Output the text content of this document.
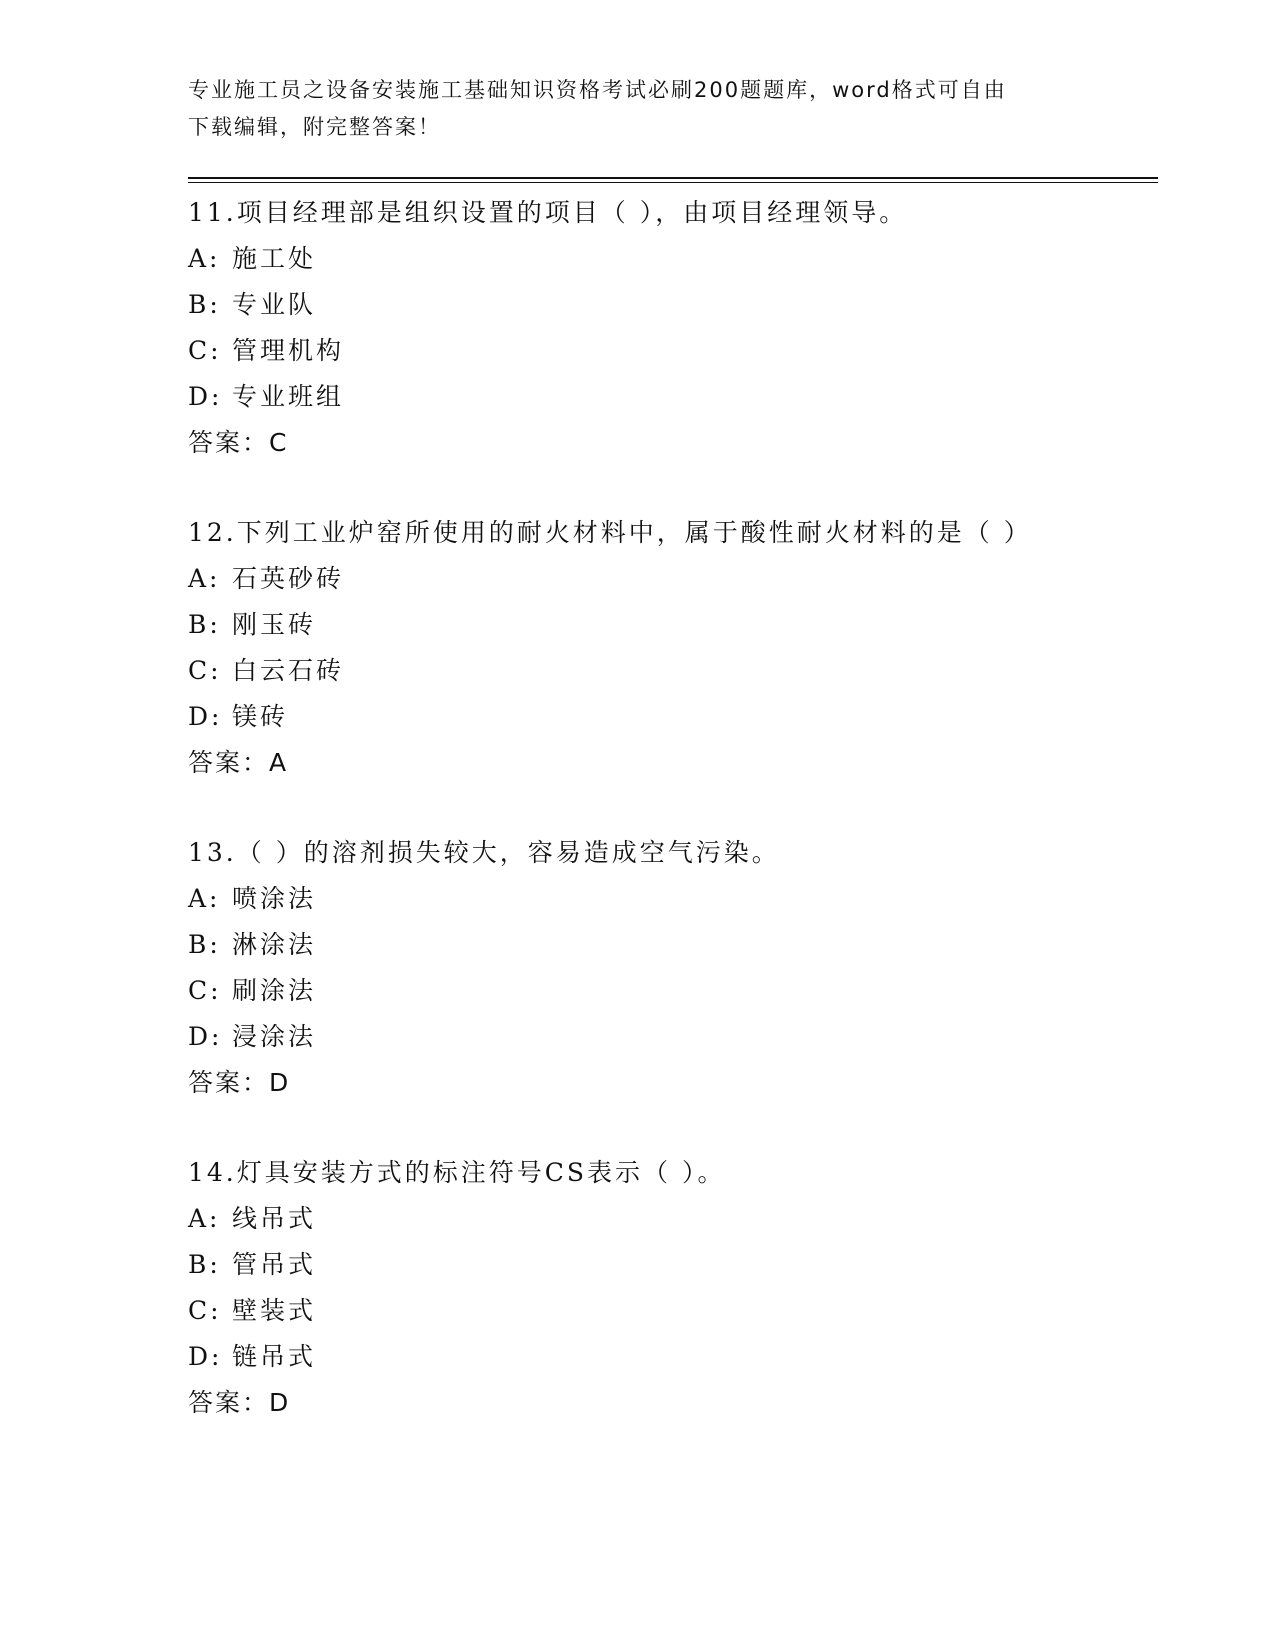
专业施工员之设备安装施工基础知识资格考试必刷200题题库，word格式可自由
下载编辑，附完整答案！
11.项目经理部是组织设置的项目（ ），由项目经理领导。
A: 施工处
B: 专业队
C: 管理机构
D: 专业班组
答案：C
12.下列工业炉窑所使用的耐火材料中，属于酸性耐火材料的是（ ）
A: 石英砂砖
B: 刚玉砖
C: 白云石砖
D: 镁砖
答案：A
13.（ ）的溶剂损失较大，容易造成空气污染。
A: 喷涂法
B: 淋涂法
C: 刷涂法
D: 浸涂法
答案：D
14.灯具安装方式的标注符号CS表示（ ）。
A: 线吊式
B: 管吊式
C: 壁装式
D: 链吊式
答案：D
